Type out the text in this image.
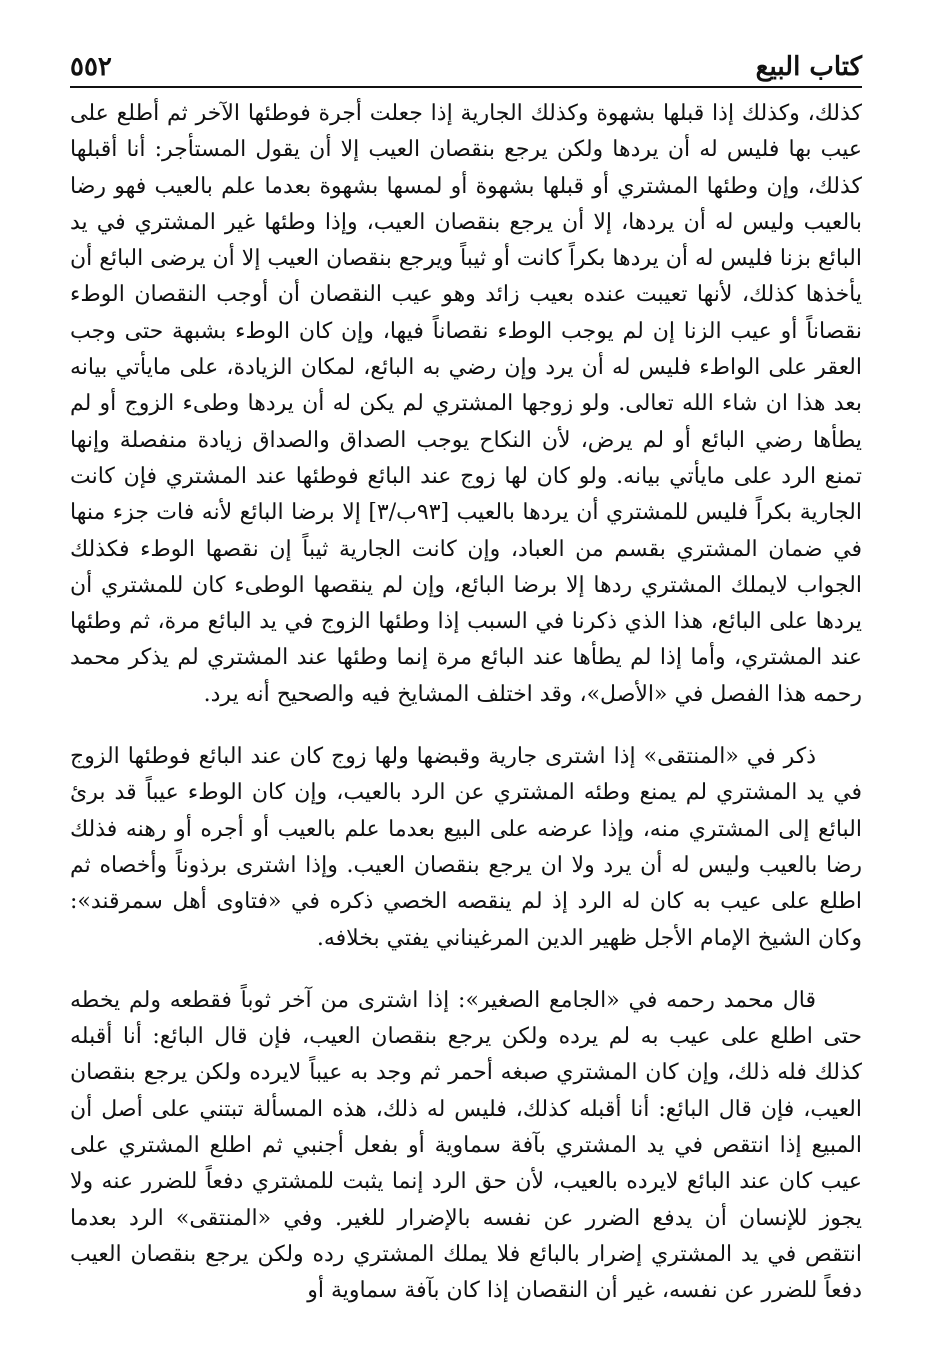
كتاب البيع
٥٥٢

كذلك، وكذلك إذا قبلها بشهوة وكذلك الجارية إذا جعلت أجرة فوطئها الآخر ثم أطلع على عيب بها فليس له أن يردها ولكن يرجع بنقصان العيب إلا أن يقول المستأجر: أنا أقبلها كذلك، وإن وطئها المشتري أو قبلها بشهوة أو لمسها بشهوة بعدما علم بالعيب فهو رضا بالعيب وليس له أن يردها، إلا أن يرجع بنقصان العيب، وإذا وطئها غير المشتري في يد البائع بزنا فليس له أن يردها بكراً كانت أو ثيباً ويرجع بنقصان العيب إلا أن يرضى البائع أن يأخذها كذلك، لأنها تعيبت عنده بعيب زائد وهو عيب النقصان أن أوجب النقصان الوطء نقصاناً أو عيب الزنا إن لم يوجب الوطء نقصاناً فيها، وإن كان الوطء بشبهة حتى وجب العقر على الواطء فليس له أن يرد وإن رضي به البائع، لمكان الزيادة، على مايأتي بيانه بعد هذا ان شاء الله تعالى. ولو زوجها المشتري لم يكن له أن يردها وطىء الزوج أو لم يطأها رضي البائع أو لم يرض، لأن النكاح يوجب الصداق والصداق زيادة منفصلة وإنها تمنع الرد على مايأتي بيانه. ولو كان لها زوج عند البائع فوطئها عند المشتري فإن كانت الجارية بكراً فليس للمشتري أن يردها بالعيب [٩٣ب/٣] إلا برضا البائع لأنه فات جزء منها في ضمان المشتري بقسم من العباد، وإن كانت الجارية ثيباً إن نقصها الوطء فكذلك الجواب لايملك المشتري ردها إلا برضا البائع، وإن لم ينقصها الوطىء كان للمشتري أن يردها على البائع، هذا الذي ذكرنا في السبب إذا وطئها الزوج في يد البائع مرة، ثم وطئها عند المشتري، وأما إذا لم يطأها عند البائع مرة إنما وطئها عند المشتري لم يذكر محمد رحمه هذا الفصل في «الأصل»، وقد اختلف المشايخ فيه والصحيح أنه يرد.

ذكر في «المنتقى» إذا اشترى جارية وقبضها ولها زوج كان عند البائع فوطئها الزوج في يد المشتري لم يمنع وطئه المشتري عن الرد بالعيب، وإن كان الوطء عيباً قد برئ البائع إلى المشتري منه، وإذا عرضه على البيع بعدما علم بالعيب أو أجره أو رهنه فذلك رضا بالعيب وليس له أن يرد ولا ان يرجع بنقصان العيب. وإذا اشترى برذوناً وأخصاه ثم اطلع على عيب به كان له الرد إذ لم ينقصه الخصي ذكره في «فتاوى أهل سمرقند»: وكان الشيخ الإمام الأجل ظهير الدين المرغيناني يفتي بخلافه.

قال محمد رحمه في «الجامع الصغير»: إذا اشترى من آخر ثوباً فقطعه ولم يخطه حتى اطلع على عيب به لم يرده ولكن يرجع بنقصان العيب، فإن قال البائع: أنا أقبله كذلك فله ذلك، وإن كان المشتري صبغه أحمر ثم وجد به عيباً لايرده ولكن يرجع بنقصان العيب، فإن قال البائع: أنا أقبله كذلك، فليس له ذلك، هذه المسألة تبتني على أصل أن المبيع إذا انتقص في يد المشتري بآفة سماوية أو بفعل أجنبي ثم اطلع المشتري على عيب كان عند البائع لايرده بالعيب، لأن حق الرد إنما يثبت للمشتري دفعاً للضرر عنه ولا يجوز للإنسان أن يدفع الضرر عن نفسه بالإضرار للغير. وفي «المنتقى» الرد بعدما انتقص في يد المشتري إضرار بالبائع فلا يملك المشتري رده ولكن يرجع بنقصان العيب دفعاً للضرر عن نفسه، غير أن النقصان إذا كان بآفة سماوية أو
